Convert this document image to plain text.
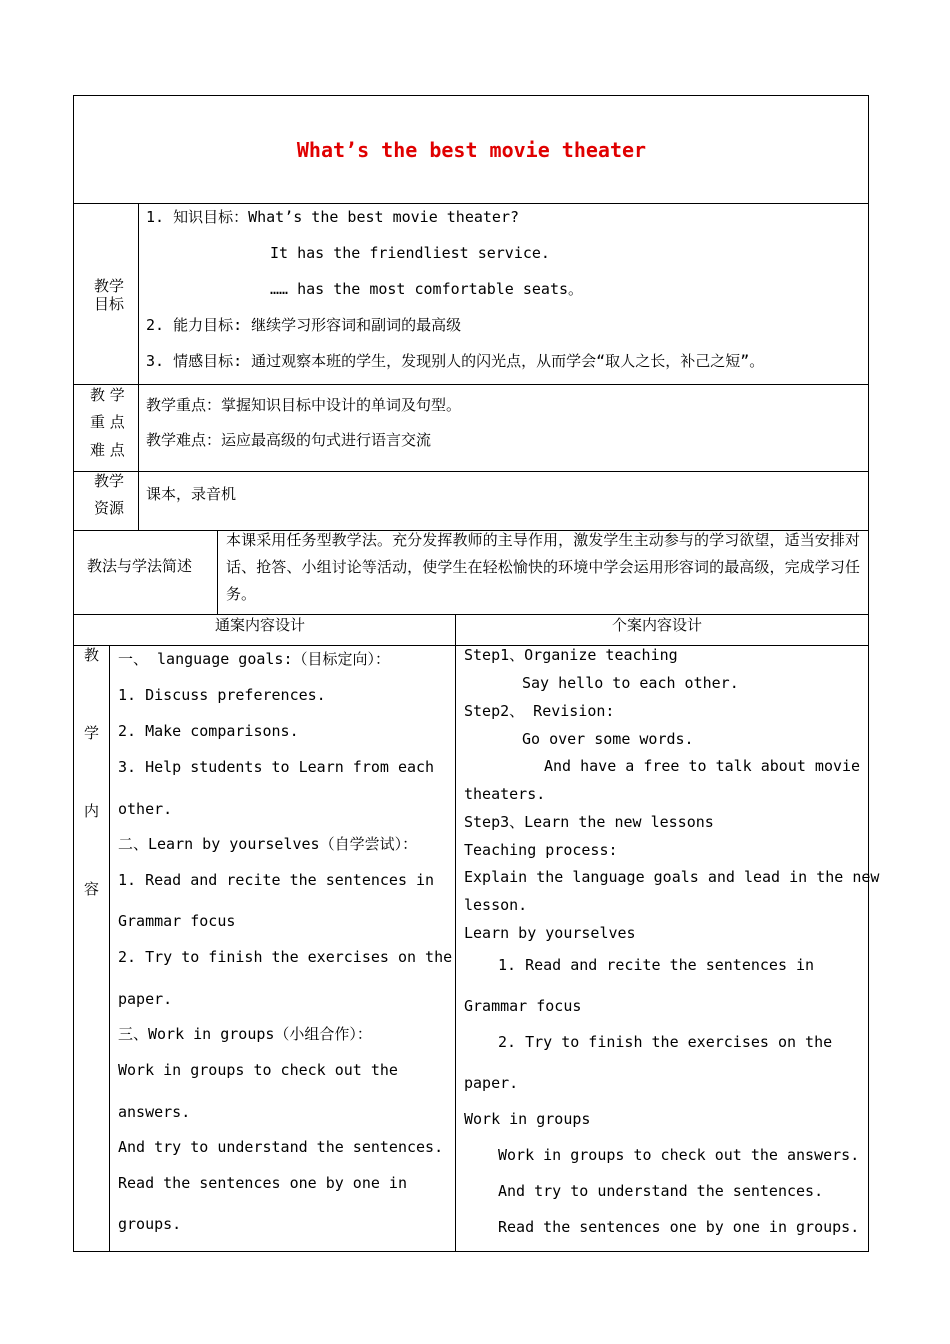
What’s the best movie theater
教学目标
1. 知识目标：What’s the best movie theater?
It has the friendliest service.
…… has the most comfortable seats。
2. 能力目标: 继续学习形容词和副词的最高级
3. 情感目标: 通过观察本班的学生，发现别人的闪光点，从而学会“取人之长，补己之短”。
教 学
重 点
难 点
教学重点：掌握知识目标中设计的单词及句型。
教学难点：运应最高级的句式进行语言交流
教学
资源
课本，录音机
教法与学法简述
本课采用任务型教学法。充分发挥教师的主导作用，激发学生主动参与的学习欲望，适当安排对话、抢答、小组讨论等活动，使学生在轻松愉快的环境中学会运用形容词的最高级，完成学习任务。
通案内容设计	个案内容设计
教
学
内
容
一、 language goals:（目标定向）：
1. Discuss preferences.
2. Make comparisons.
3. Help students to Learn from each
other.
二、Learn by yourselves（自学尝试）：
1. Read and recite the sentences in
Grammar focus
2. Try to finish the exercises on the
paper.
三、Work in groups（小组合作）：
Work in groups to check out the
answers.
And try to understand the sentences.
Read the sentences one by one in
groups.
Step1、Organize teaching
Say hello to each other.
Step2、 Revision:
Go over some words.
And have a free to talk about movie
theaters.
Step3、Learn the new lessons
Teaching process:
Explain the language goals and lead in the new
lesson.
Learn by yourselves
1. Read and recite the sentences in
Grammar focus
2. Try to finish the exercises on the
paper.
Work in groups
Work in groups to check out the answers.
And try to understand the sentences.
Read the sentences one by one in groups.
